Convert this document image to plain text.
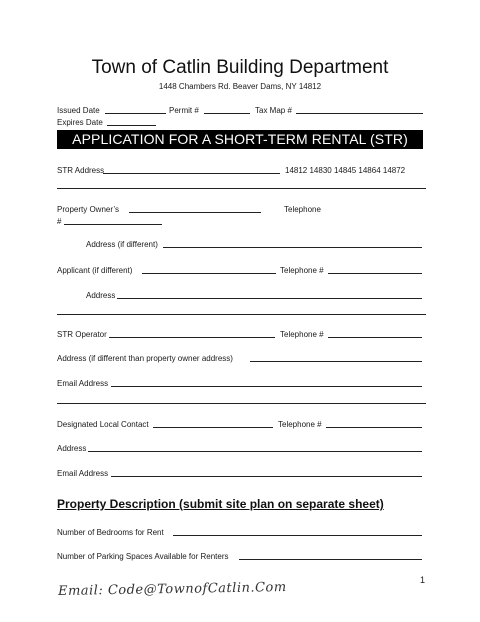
Town of Catlin Building Department
1448 Chambers Rd. Beaver Dams, NY 14812
Issued Date	Permit #	Tax Map #
Expires Date
APPLICATION FOR A SHORT-TERM RENTAL (STR) PERMIT
STR Address	14812 14830 14845 14864 14872
Property Owner’s	Telephone
#
Address (if different)
Applicant (if different)	Telephone #
Address
STR Operator	Telephone #
Address (if different than property owner address)
Email Address
Designated Local Contact	Telephone #
Address
Email Address
Property Description (submit site plan on separate sheet)
Number of Bedrooms for Rent
Number of Parking Spaces Available for Renters
1
Email: Code@TownofCatlin.Com
